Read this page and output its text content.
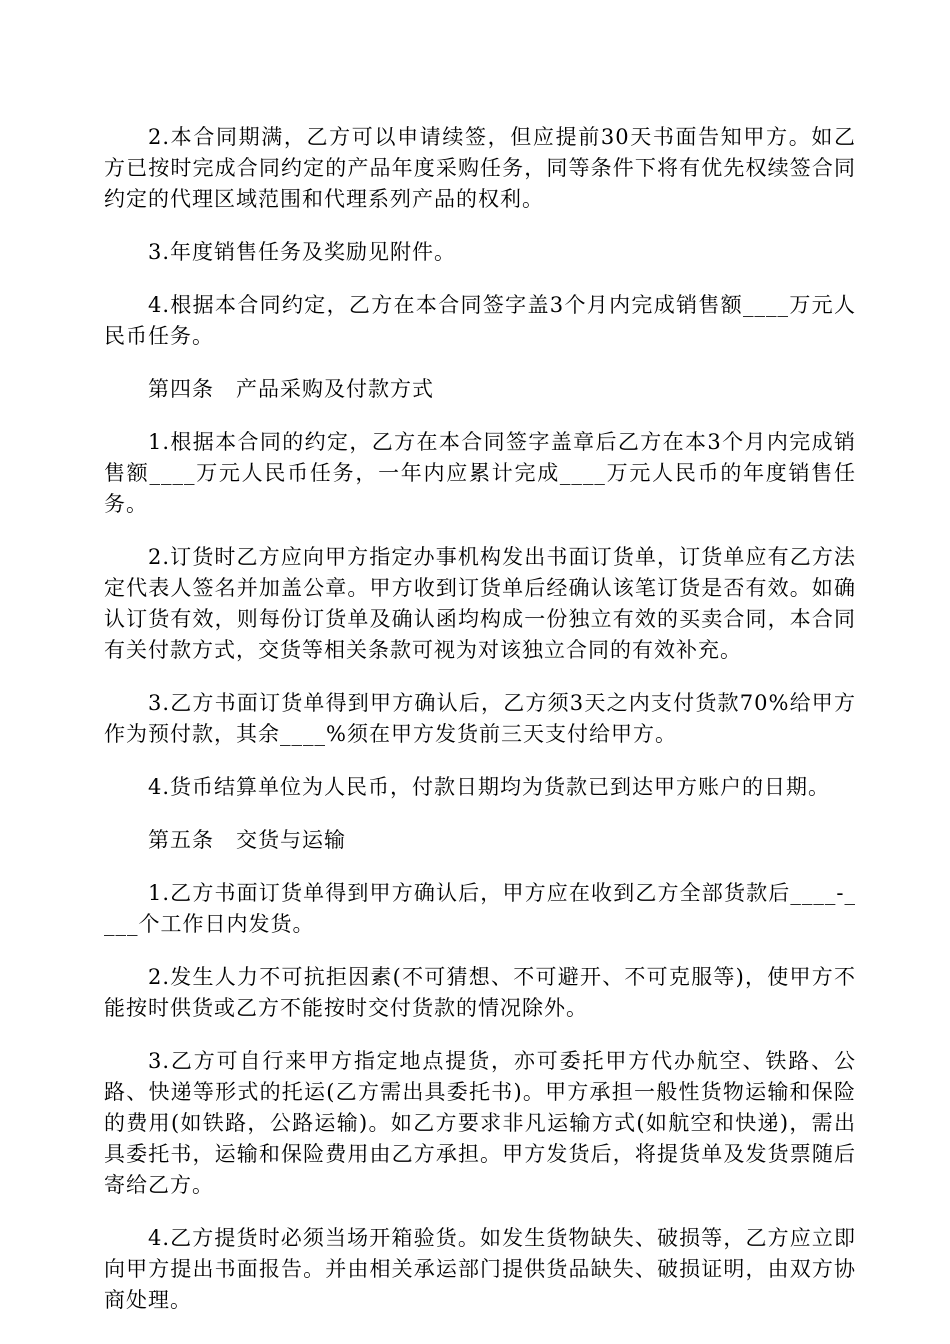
2.本合同期满，乙方可以申请续签，但应提前30天书面告知甲方。如乙方已按时完成合同约定的产品年度采购任务，同等条件下将有优先权续签合同约定的代理区域范围和代理系列产品的权利。

3.年度销售任务及奖励见附件。

4.根据本合同约定，乙方在本合同签字盖3个月内完成销售额____万元人民币任务。

第四条　产品采购及付款方式

1.根据本合同的约定，乙方在本合同签字盖章后乙方在本3个月内完成销售额____万元人民币任务，一年内应累计完成____万元人民币的年度销售任务。

2.订货时乙方应向甲方指定办事机构发出书面订货单，订货单应有乙方法定代表人签名并加盖公章。甲方收到订货单后经确认该笔订货是否有效。如确认订货有效，则每份订货单及确认函均构成一份独立有效的买卖合同，本合同有关付款方式，交货等相关条款可视为对该独立合同的有效补充。

3.乙方书面订货单得到甲方确认后，乙方须3天之内支付货款70%给甲方作为预付款，其余____%须在甲方发货前三天支付给甲方。

4.货币结算单位为人民币，付款日期均为货款已到达甲方账户的日期。

第五条　交货与运输

1.乙方书面订货单得到甲方确认后，甲方应在收到乙方全部货款后____-____个工作日内发货。

2.发生人力不可抗拒因素(不可猜想、不可避开、不可克服等)，使甲方不能按时供货或乙方不能按时交付货款的情况除外。

3.乙方可自行来甲方指定地点提货，亦可委托甲方代办航空、铁路、公路、快递等形式的托运(乙方需出具委托书)。甲方承担一般性货物运输和保险的费用(如铁路，公路运输)。如乙方要求非凡运输方式(如航空和快递)，需出具委托书，运输和保险费用由乙方承担。甲方发货后，将提货单及发货票随后寄给乙方。

4.乙方提货时必须当场开箱验货。如发生货物缺失、破损等，乙方应立即向甲方提出书面报告。并由相关承运部门提供货品缺失、破损证明，由双方协商处理。
